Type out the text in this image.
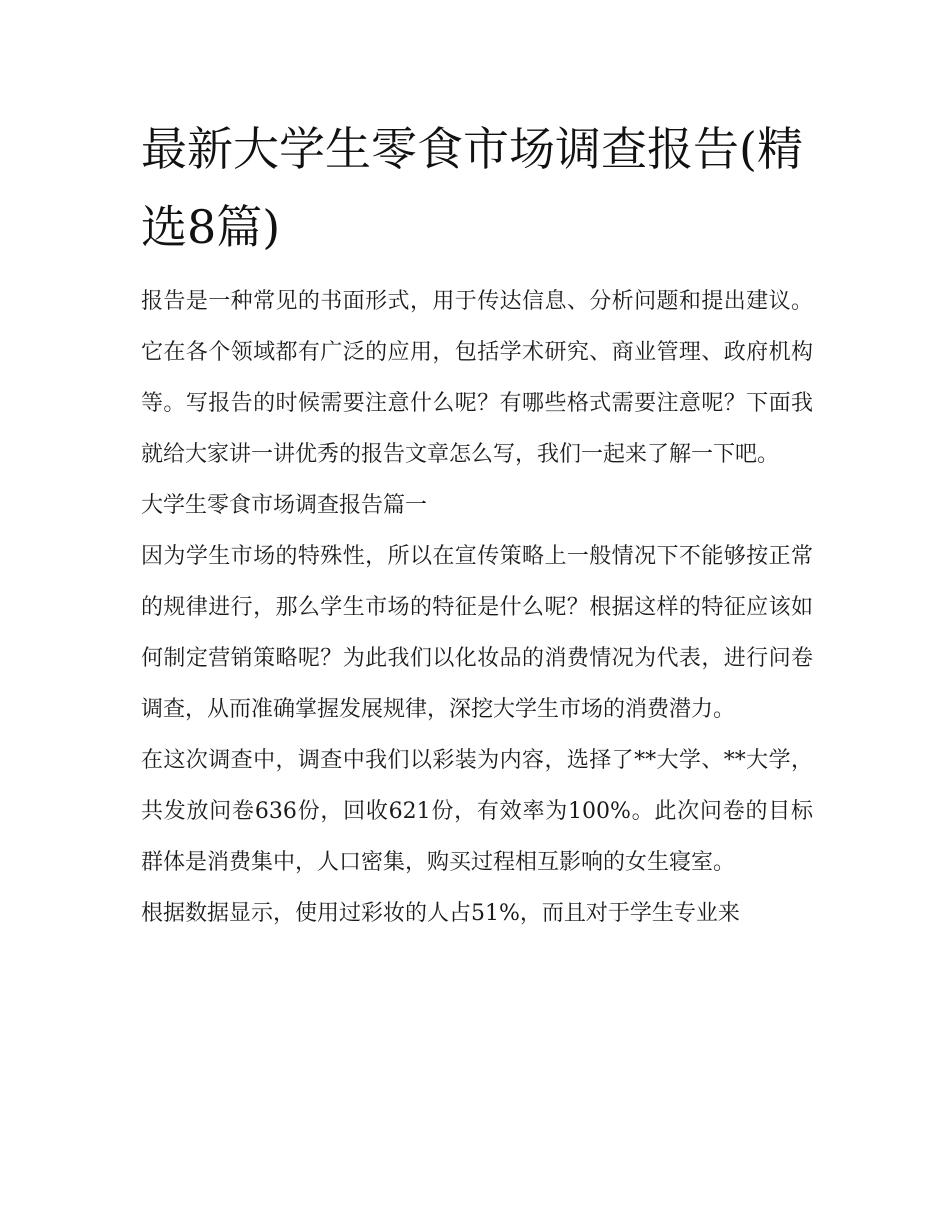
最新大学生零食市场调查报告(精选8篇)

报告是一种常见的书面形式，用于传达信息、分析问题和提出建议。它在各个领域都有广泛的应用，包括学术研究、商业管理、政府机构等。写报告的时候需要注意什么呢？有哪些格式需要注意呢？下面我就给大家讲一讲优秀的报告文章怎么写，我们一起来了解一下吧。

大学生零食市场调查报告篇一

因为学生市场的特殊性，所以在宣传策略上一般情况下不能够按正常的规律进行，那么学生市场的特征是什么呢？根据这样的特征应该如何制定营销策略呢？为此我们以化妆品的消费情况为代表，进行问卷调查，从而准确掌握发展规律，深挖大学生市场的消费潜力。

在这次调查中，调查中我们以彩装为内容，选择了**大学、**大学，共发放问卷636份，回收621份，有效率为100%。此次问卷的目标群体是消费集中，人口密集，购买过程相互影响的女生寝室。

根据数据显示，使用过彩妆的人占51%，而且对于学生专业来
